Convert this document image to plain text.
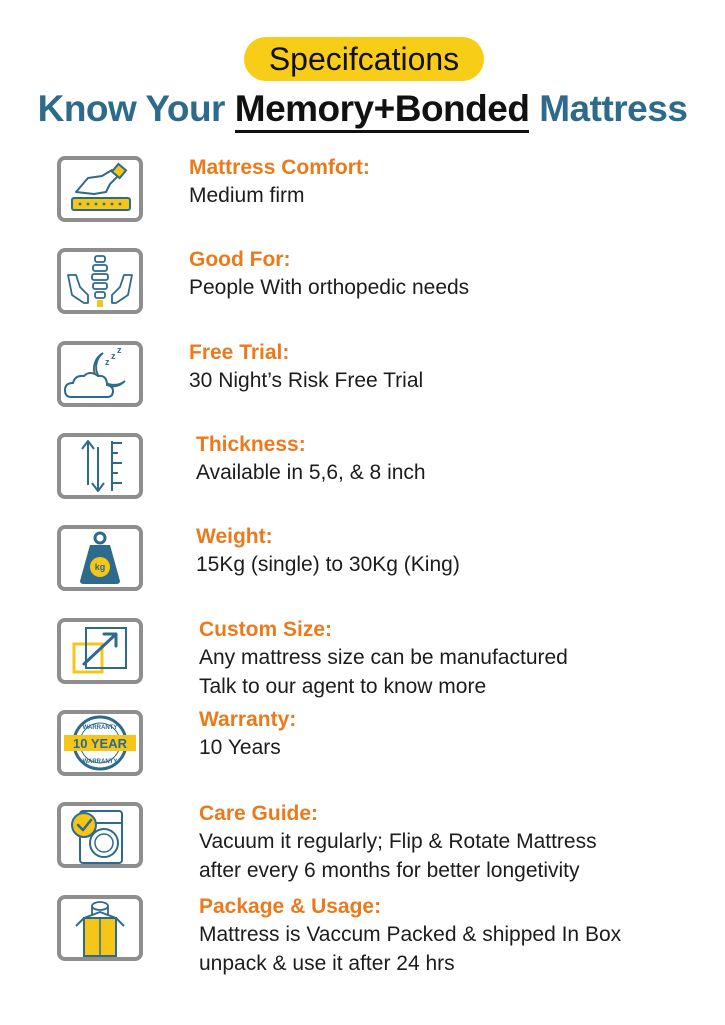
Specifcations
Know Your Memory+Bonded Mattress
Mattress Comfort:
Medium firm
Good For:
People With orthopedic needs
z
z
z	Free Trial:
30 Night’s Risk Free Trial
Thickness:
Available in 5,6, & 8 inch
kg
Weight:
15Kg (single) to 30Kg (King)
Custom Size:
Any mattress size can be manufactured
Talk to our agent to know more
WARRANTY
10 YEAR
WARRANTY
Warranty:
10 Years
Care Guide:
Vacuum it regularly; Flip & Rotate Mattress
after every 6 months for better longetivity
Package & Usage:
Mattress is Vaccum Packed & shipped In Box
unpack & use it after 24 hrs
